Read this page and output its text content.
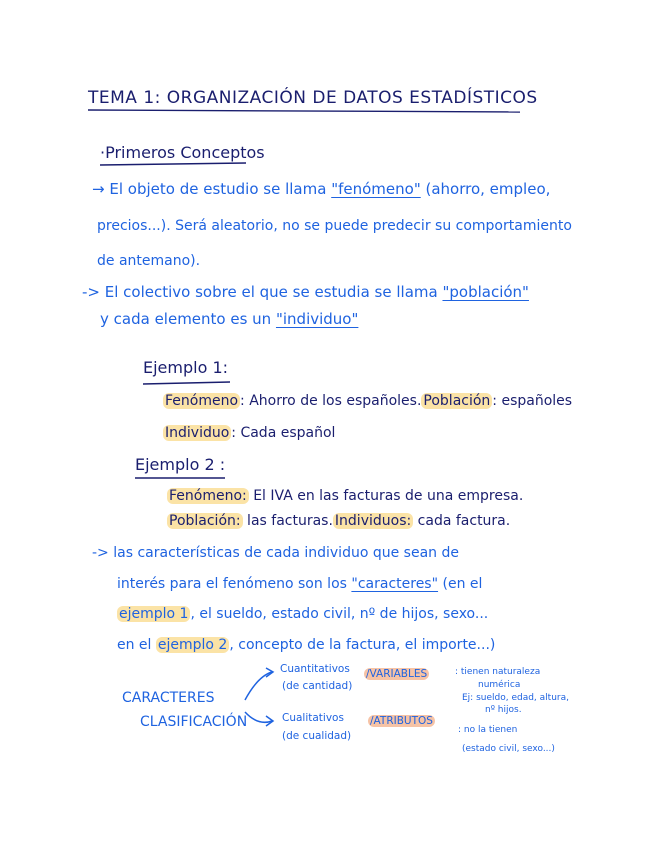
TEMA 1: ORGANIZACIÓN DE DATOS ESTADÍSTICOS
·Primeros Conceptos
→ El objeto de estudio se llama "fenómeno" (ahorro, empleo,
precios...). Será aleatorio, no se puede predecir su comportamiento
de antemano).
-> El colectivo sobre el que se estudia se llama "población"
y cada elemento es un "individuo"
Ejemplo 1:
Fenómeno : Ahorro de los españoles. Población : españoles
Individuo : Cada español
Ejemplo 2 :
Fenómeno: El IVA en las facturas de una empresa.
Población: las facturas. Individuos: cada factura.
-> las características de cada individuo que sean de
interés para el fenómeno son los "caracteres" (en el
ejemplo 1 , el sueldo, estado civil, nº de hijos, sexo...
en el ejemplo 2 , concepto de la factura, el importe...)
CARACTERES
CLASIFICACIÓN
Cuantitativos
(de cantidad)
/VARIABLES	: tienen naturaleza
numérica
Ej: sueldo, edad, altura,
nº hijos.
Cualitativos
(de cualidad)
/ATRIBUTOS
: no la tienen
(estado civil, sexo...)
